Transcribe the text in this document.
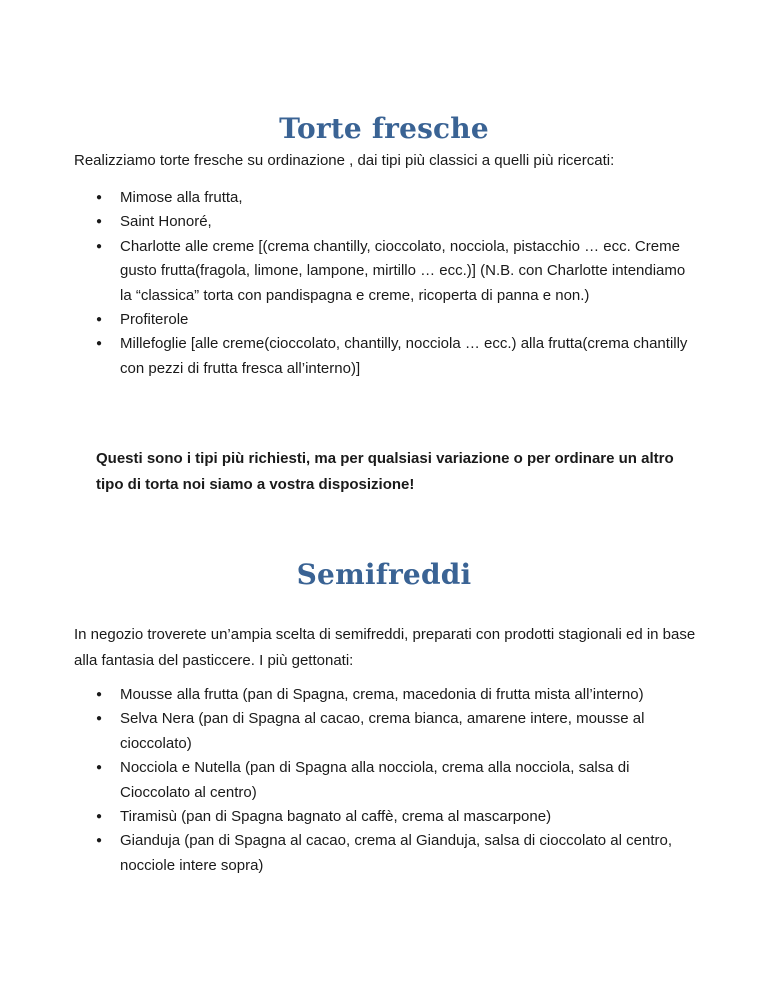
Torte fresche

Realizziamo torte fresche su ordinazione , dai tipi più classici a quelli più ricercati:

● Mimose alla frutta,
● Saint Honoré,
● Charlotte alle creme [(crema chantilly, cioccolato, nocciola, pistacchio … ecc. Creme gusto frutta(fragola, limone, lampone, mirtillo … ecc.)] (N.B. con Charlotte intendiamo la “classica” torta con pandispagna e creme, ricoperta di panna e non.)
● Profiterole
● Millefoglie [alle creme(cioccolato, chantilly, nocciola … ecc.) alla frutta(crema chantilly con pezzi di frutta fresca all’interno)]

Questi sono i tipi più richiesti, ma per qualsiasi variazione o per ordinare un altro tipo di torta noi siamo a vostra disposizione!

Semifreddi

In negozio troverete un’ampia scelta di semifreddi, preparati con prodotti stagionali ed in base alla fantasia del pasticcere. I più gettonati:

● Mousse alla frutta (pan di Spagna, crema, macedonia di frutta mista all’interno)
● Selva Nera (pan di Spagna al cacao, crema bianca, amarene intere, mousse al cioccolato)
● Nocciola e Nutella (pan di Spagna alla nocciola, crema alla nocciola, salsa di Cioccolato al centro)
● Tiramisù (pan di Spagna bagnato al caffè, crema al mascarpone)
● Gianduja (pan di Spagna al cacao, crema al Gianduja, salsa di cioccolato al centro, nocciole intere sopra)
